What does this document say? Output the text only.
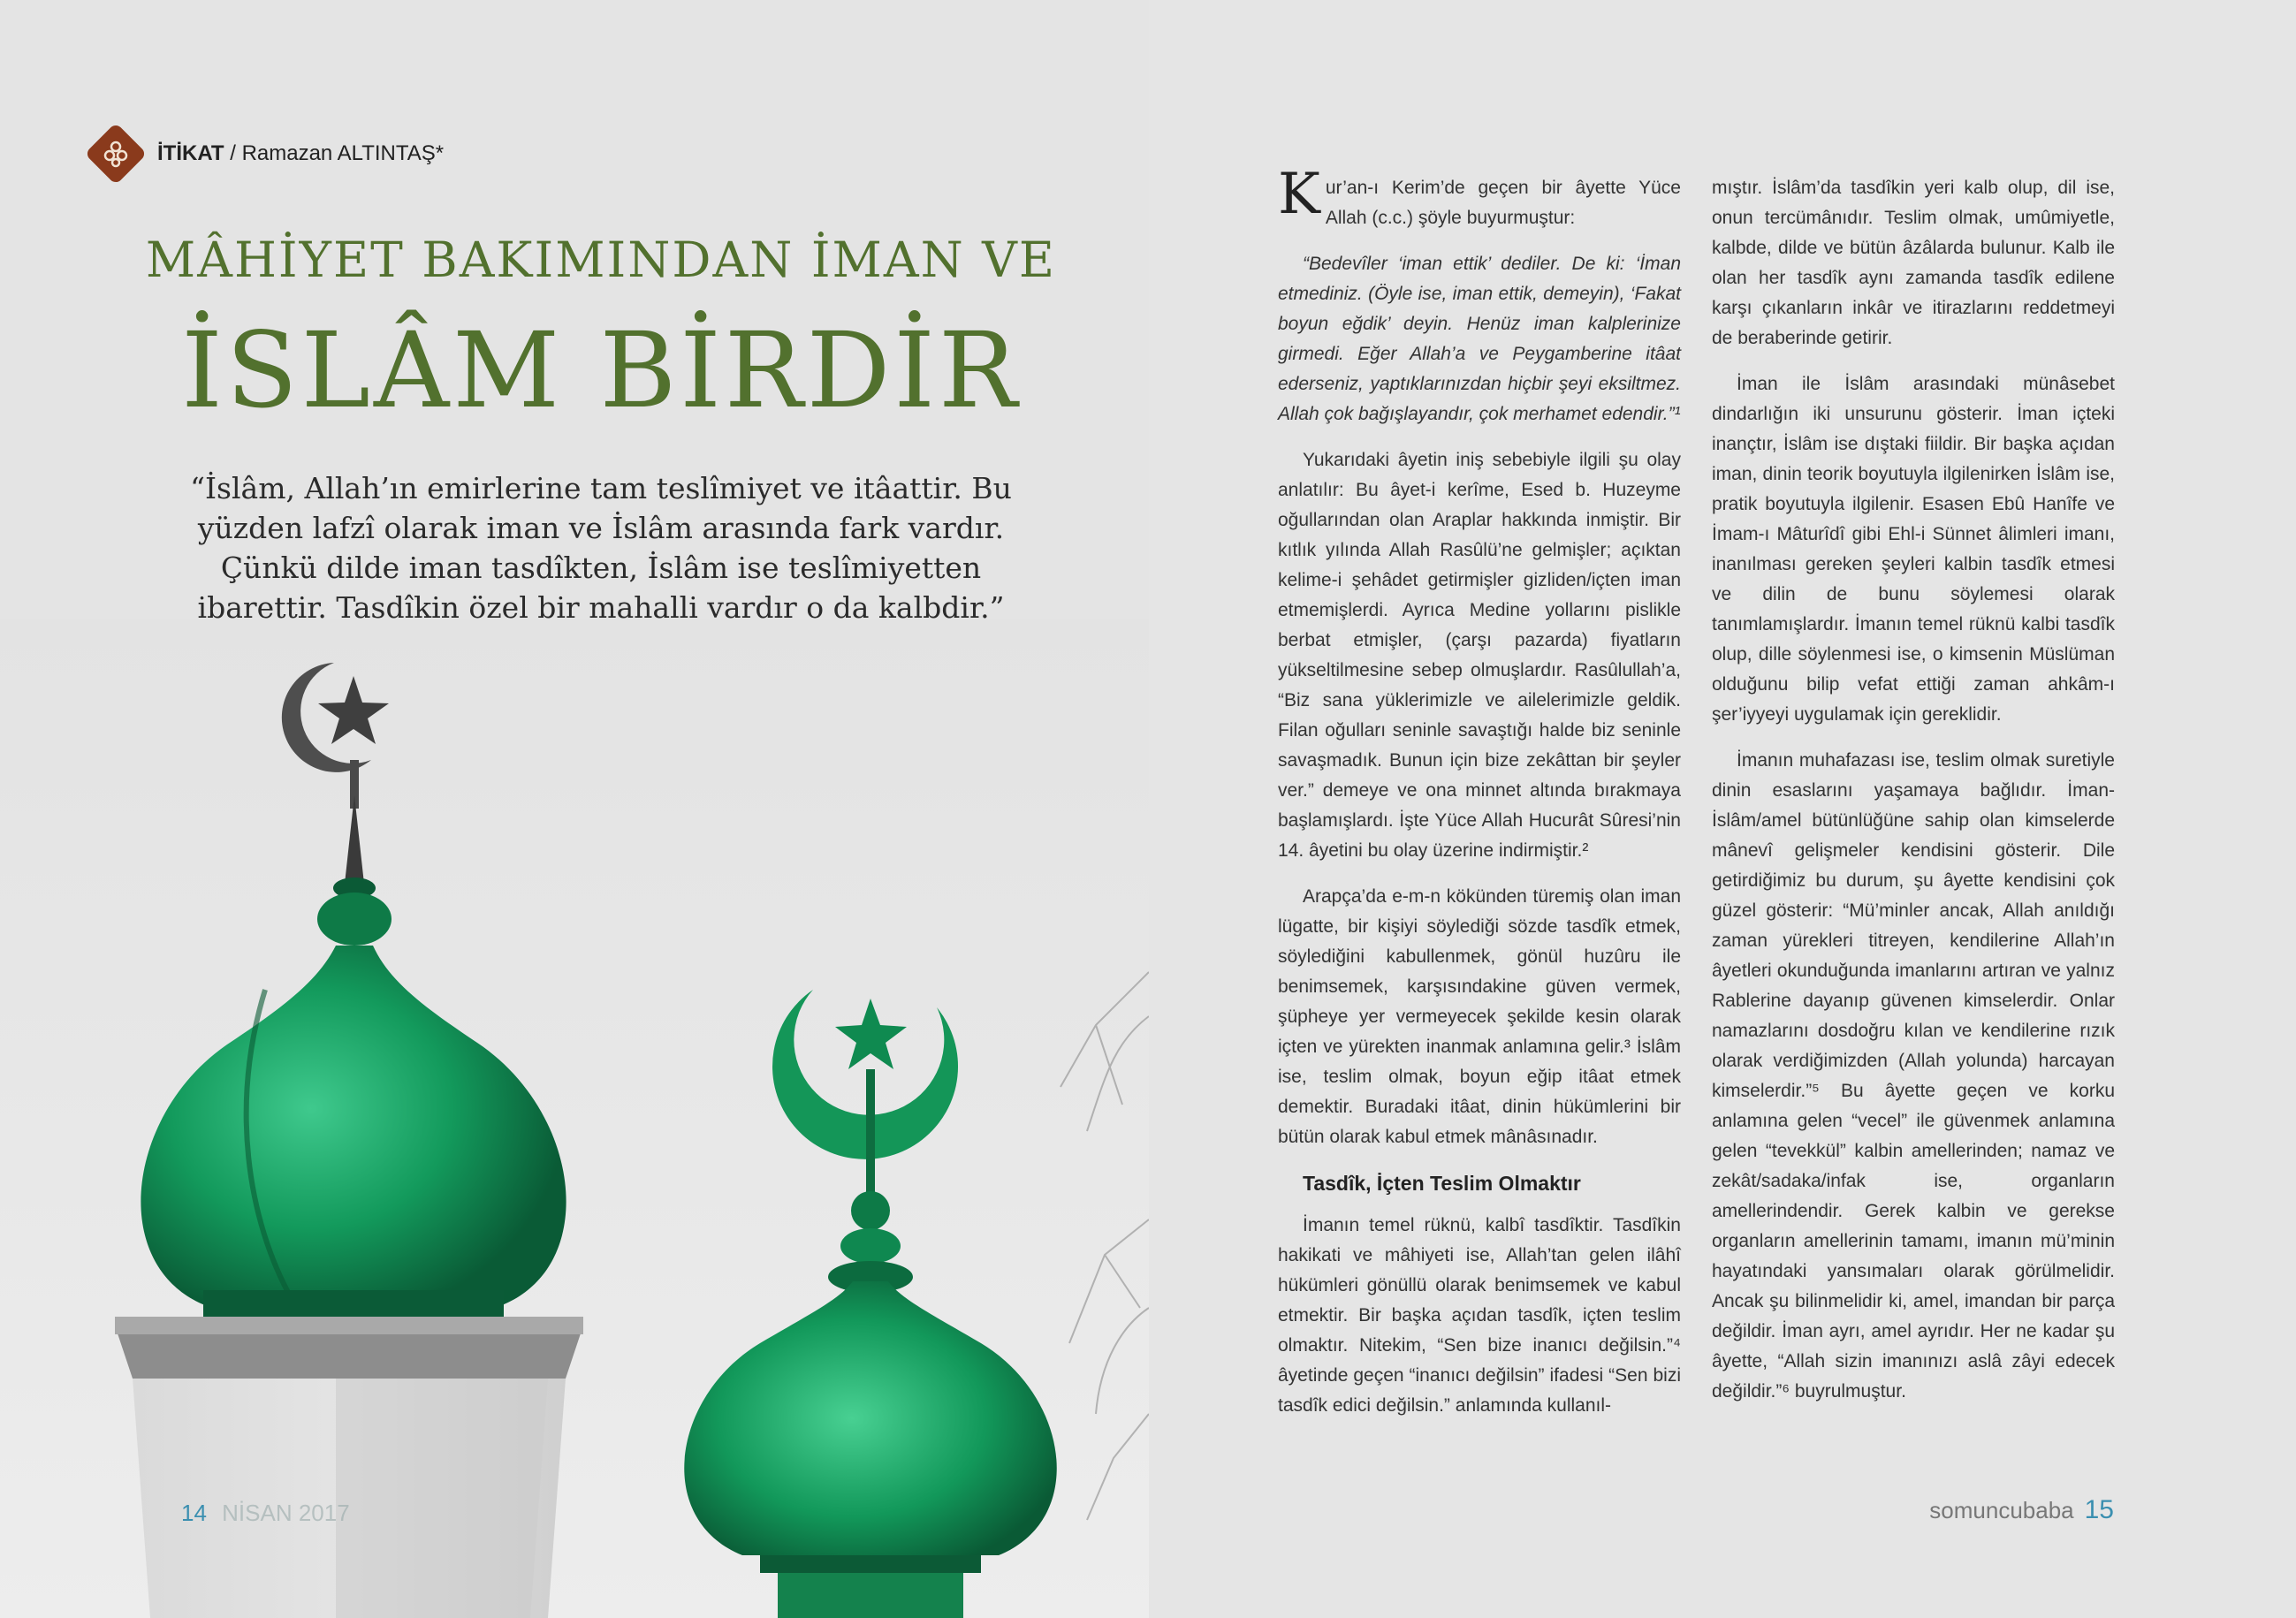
İTİKAT / Ramazan ALTINTAŞ*
MÂHİYET BAKIMINDAN İMAN VE
İSLÂM BİRDİR
“İslâm, Allah’ın emirlerine tam teslîmiyet ve itâattir. Bu yüzden lafzî olarak iman ve İslâm arasında fark vardır. Çünkü dilde iman tasdîkten, İslâm ise teslîmiyetten ibarettir. Tasdîkin özel bir mahalli vardır o da kalbdir.”
14 NİSAN 2017

Kur’an-ı Kerim’de geçen bir âyette Yüce Allah (c.c.) şöyle buyurmuştur:

“Bedevîler ‘iman ettik’ dediler. De ki: ‘İman etmediniz. (Öyle ise, iman ettik, demeyin), ‘Fakat boyun eğdik’ deyin. Henüz iman kalplerinize girmedi. Eğer Allah’a ve Peygamberine itâat ederseniz, yaptıklarınızdan hiçbir şeyi eksiltmez. Allah çok bağışlayandır, çok merhamet edendir.”¹

Yukarıdaki âyetin iniş sebebiyle ilgili şu olay anlatılır: Bu âyet-i kerîme, Esed b. Huzeyme oğullarından olan Araplar hakkında inmiştir. Bir kıtlık yılında Allah Rasûlü’ne gelmişler; açıktan kelime-i şehâdet getirmişler gizliden/içten iman etmemişlerdi. Ayrıca Medine yollarını pislikle berbat etmişler, (çarşı pazarda) fiyatların yükseltilmesine sebep olmuşlardır. Rasûlullah’a, “Biz sana yüklerimizle ve ailelerimizle geldik. Filan oğulları seninle savaştığı halde biz seninle savaşmadık. Bunun için bize zekâttan bir şeyler ver.” demeye ve ona minnet altında bırakmaya başlamışlardı. İşte Yüce Allah Hucurât Sûresi’nin 14. âyetini bu olay üzerine indirmiştir.²

Arapça’da e-m-n kökünden türemiş olan iman lügatte, bir kişiyi söylediği sözde tasdîk etmek, söylediğini kabullenmek, gönül huzûru ile benimsemek, karşısındakine güven vermek, şüpheye yer vermeyecek şekilde kesin olarak içten ve yürekten inanmak anlamına gelir.³ İslâm ise, teslim olmak, boyun eğip itâat etmek demektir. Buradaki itâat, dinin hükümlerini bir bütün olarak kabul etmek mânâsınadır.

Tasdîk, İçten Teslim Olmaktır

İmanın temel rüknü, kalbî tasdîktir. Tasdîkin hakikati ve mâhiyeti ise, Allah’tan gelen ilâhî hükümleri gönüllü olarak benimsemek ve kabul etmektir. Bir başka açıdan tasdîk, içten teslim olmaktır. Nitekim, “Sen bize inanıcı değilsin.”⁴ âyetinde geçen “inanıcı değilsin” ifadesi “Sen bizi tasdîk edici değilsin.” anlamında kullanıl-

mıştır. İslâm’da tasdîkin yeri kalb olup, dil ise, onun tercümânıdır. Teslim olmak, umûmiyetle, kalbde, dilde ve bütün âzâlarda bulunur. Kalb ile olan her tasdîk aynı zamanda tasdîk edilene karşı çıkanların inkâr ve itirazlarını reddetmeyi de beraberinde getirir.

İman ile İslâm arasındaki münâsebet dindarlığın iki unsurunu gösterir. İman içteki inançtır, İslâm ise dıştaki fiildir. Bir başka açıdan iman, dinin teorik boyutuyla ilgilenirken İslâm ise, pratik boyutuyla ilgilenir. Esasen Ebû Hanîfe ve İmam-ı Mâturîdî gibi Ehl-i Sünnet âlimleri imanı, inanılması gereken şeyleri kalbin tasdîk etmesi ve dilin de bunu söylemesi olarak tanımlamışlardır. İmanın temel rüknü kalbi tasdîk olup, dille söylenmesi ise, o kimsenin Müslüman olduğunu bilip vefat ettiği zaman ahkâm-ı şer’iyyeyi uygulamak için gereklidir.

İmanın muhafazası ise, teslim olmak suretiyle dinin esaslarını yaşamaya bağlıdır. İman-İslâm/amel bütünlüğüne sahip olan kimselerde mânevî gelişmeler kendisini gösterir. Dile getirdiğimiz bu durum, şu âyette kendisini çok güzel gösterir: “Mü’minler ancak, Allah anıldığı zaman yürekleri titreyen, kendilerine Allah’ın âyetleri okunduğunda imanlarını artıran ve yalnız Rablerine dayanıp güvenen kimselerdir. Onlar namazlarını dosdoğru kılan ve kendilerine rızık olarak verdiğimizden (Allah yolunda) harcayan kimselerdir.”⁵ Bu âyette geçen ve korku anlamına gelen “vecel” ile güvenmek anlamına gelen “tevekkül” kalbin amellerinden; namaz ve zekât/sadaka/infak ise, organların amellerindendir. Gerek kalbin ve gerekse organların amellerinin tamamı, imanın mü’minin hayatındaki yansımaları olarak görülmelidir. Ancak şu bilinmelidir ki, amel, imandan bir parça değildir. İman ayrı, amel ayrıdır. Her ne kadar şu âyette, “Allah sizin imanınızı aslâ zâyi edecek değildir.”⁶ buyrulmuştur.

somuncubaba 15
